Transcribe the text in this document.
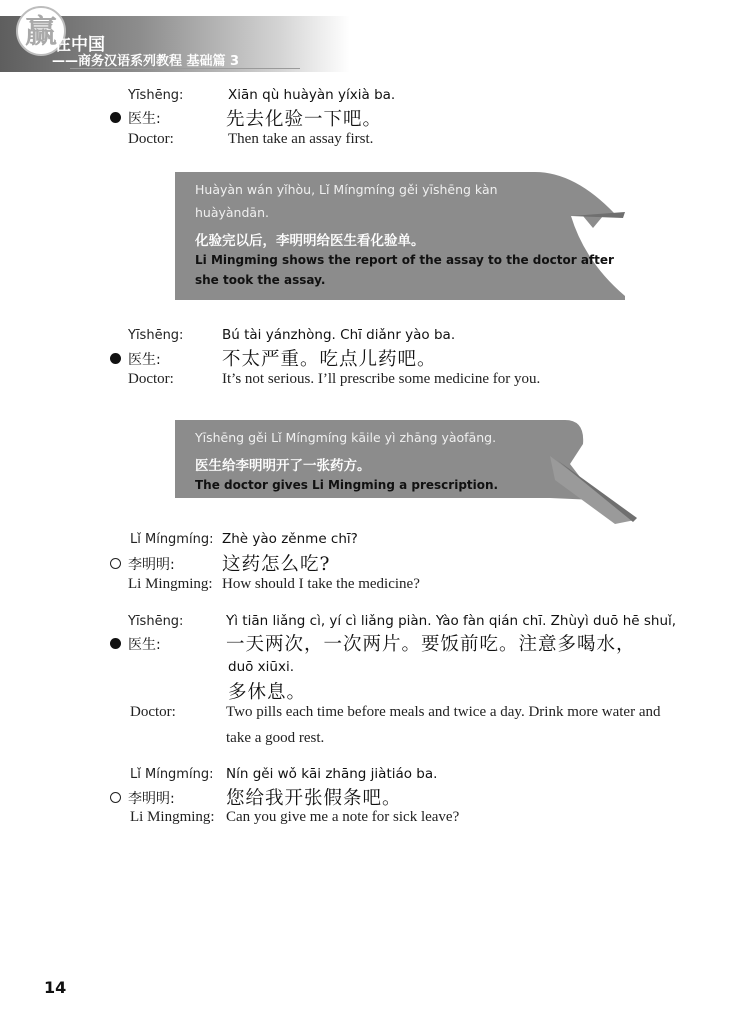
赢
在中国
——商务汉语系列教程 基础篇 3
Yīshēng:	Xiān qù huàyàn yíxià ba.
医生:	先去化验一下吧。
Doctor:	Then take an assay first.
Huàyàn wán yǐhòu, Lǐ Míngmíng gěi yīshēng kàn
huàyàndān.
化验完以后，李明明给医生看化验单。
Li Mingming shows the report of the assay to the doctor after
she took the assay.
Yīshēng:	Bú tài yánzhòng. Chī diǎnr yào ba.
医生:	不太严重。吃点儿药吧。
Doctor:	It’s not serious. I’ll prescribe some medicine for you.
Yīshēng gěi Lǐ Míngmíng kāile yì zhāng yàofāng.
医生给李明明开了一张药方。
The doctor gives Li Mingming a prescription.
Lǐ Míngmíng: Zhè yào zěnme chī?
李明明:	这药怎么吃?
Li Mingming: How should I take the medicine?
Yīshēng:	Yì tiān liǎng cì, yí cì liǎng piàn. Yào fàn qián chī. Zhùyì duō hē shuǐ,
医生:	一天两次，一次两片。要饭前吃。注意多喝水，
duō xiūxi.
多休息。
Doctor:	Two pills each time before meals and twice a day. Drink more water and
take a good rest.
Lǐ Míngmíng: Nín gěi wǒ kāi zhāng jiàtiáo ba.
李明明:	您给我开张假条吧。
Li Mingming: Can you give me a note for sick leave?
14
